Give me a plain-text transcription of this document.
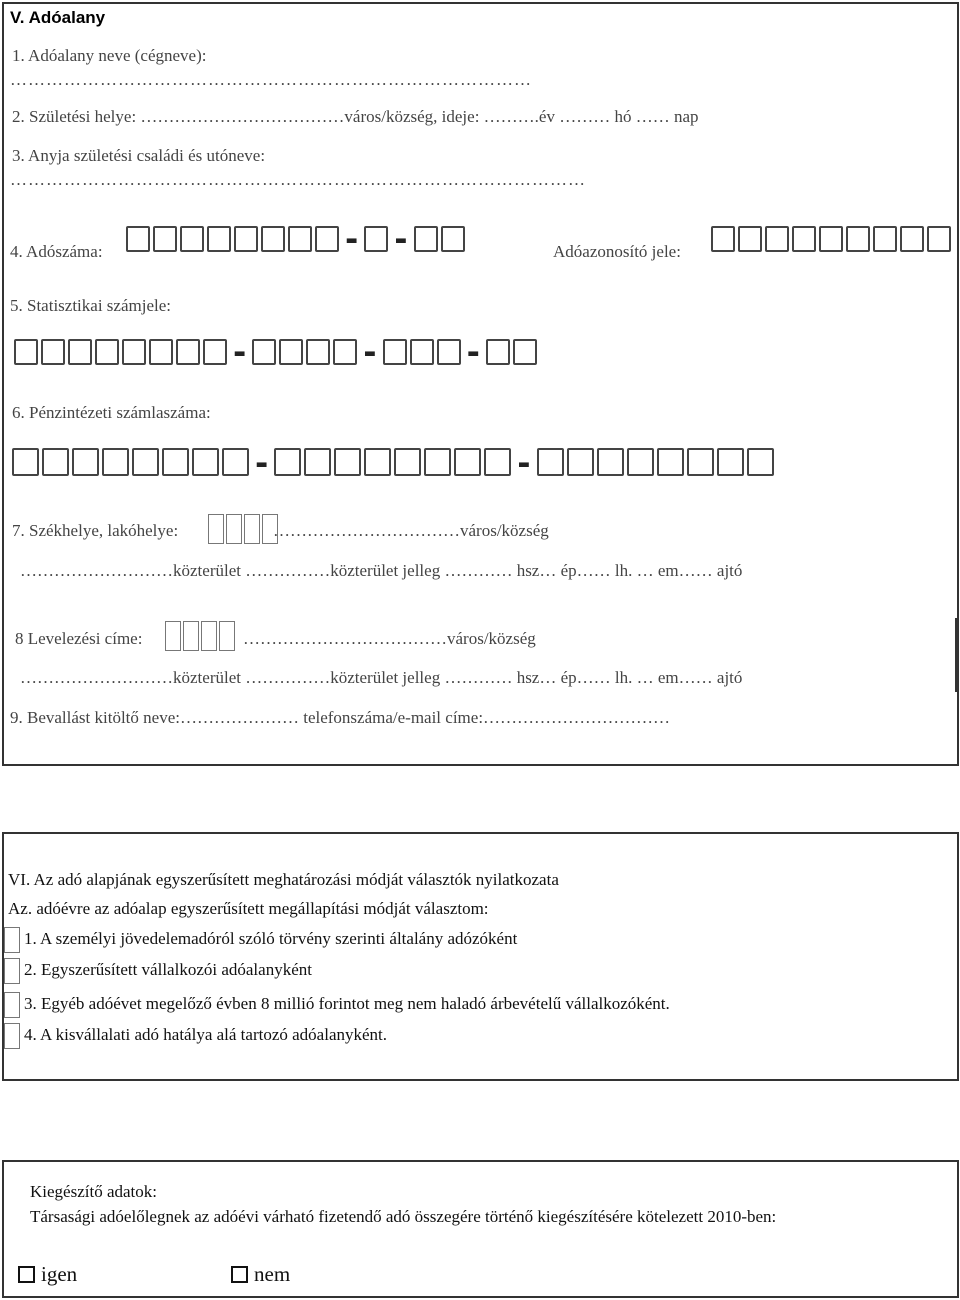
V. Adóalany
1. Adóalany neve (cégneve):
……………………………………………………………………………
2. Születési helye: ………………………………város/község, ideje: ……….év ……… hó …… nap
3. Anyja születési családi és utóneve:
……………………………………………………………………………………
4. Adószáma:	- -	Adóazonosító jele:
5. Statisztikai számjele:
-	-	-
6. Pénzintézeti számlaszáma:
-	-
7. Székhelye, lakóhelye:	……………………………város/község
………………………közterület ……………közterület jelleg ………… hsz… ép…… lh. … em…… ajtó
8 Levelezési címe:	………………………………város/község
………………………közterület ……………közterület jelleg ………… hsz… ép…… lh. … em…… ajtó
9. Bevallást kitöltő neve:………………… telefonszáma/e-mail címe:……………………………
VI. Az adó alapjának egyszerűsített meghatározási módját választók nyilatkozata
Az. adóévre az adóalap egyszerűsített megállapítási módját választom:
1. A személyi jövedelemadóról szóló törvény szerinti általány adózóként
2. Egyszerűsített vállalkozói adóalanyként
3. Egyéb adóévet megelőző évben 8 millió forintot meg nem haladó árbevételű vállalkozóként.
4. A kisvállalati adó hatálya alá tartozó adóalanyként.
Kiegészítő adatok:
Társasági adóelőlegnek az adóévi várható fizetendő adó összegére történő kiegészítésére kötelezett 2010-ben:
igen	nem
